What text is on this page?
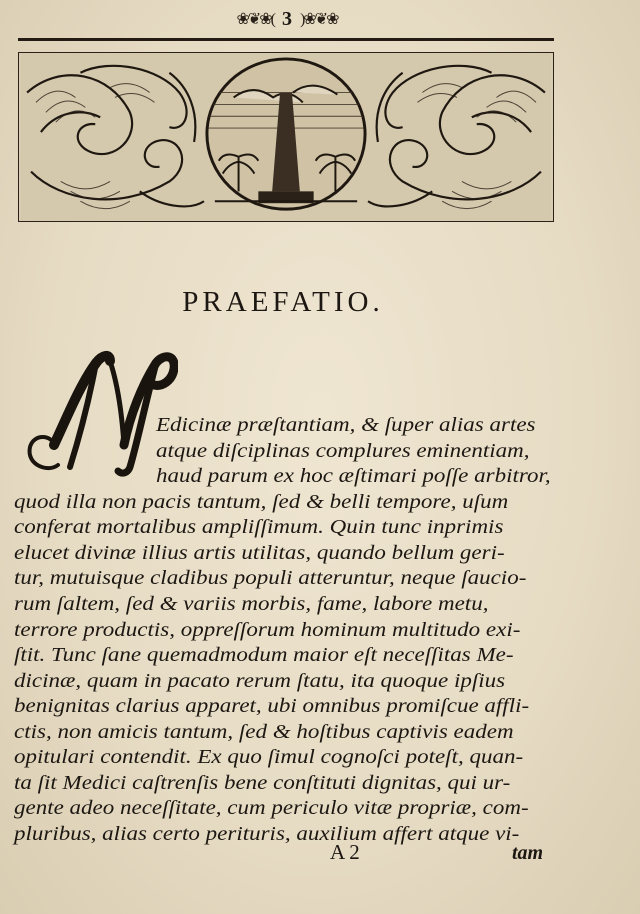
❀❦❀( 3 )❀❦❀
PRAEFATIO.
Edicinæ præſtantiam, & ſuper alias artes
atque diſciplinas complures eminentiam,
haud parum ex hoc æſtimari poſſe arbitror,
quod illa non pacis tantum, ſed & belli tempore, uſum
conferat mortalibus ampliſſimum. Quin tunc inprimis
elucet divinæ illius artis utilitas, quando bellum geri-
tur, mutuisque cladibus populi atteruntur, neque ſaucio-
rum ſaltem, ſed & variis morbis, fame, labore metu,
terrore productis, oppreſſorum hominum multitudo exi-
ſtit. Tunc ſane quemadmodum maior eſt neceſſitas Me-
dicinæ, quam in pacato rerum ſtatu, ita quoque ipſius
benignitas clarius apparet, ubi omnibus promiſcue affli-
ctis, non amicis tantum, ſed & hoſtibus captivis eadem
opitulari contendit. Ex quo ſimul cognoſci poteſt, quan-
ta ſit Medici caſtrenſis bene conſtituti dignitas, qui ur-
gente adeo neceſſitate, cum periculo vitæ propriæ, com-
pluribus, alias certo perituris, auxilium affert atque vi-
A 2	tam
